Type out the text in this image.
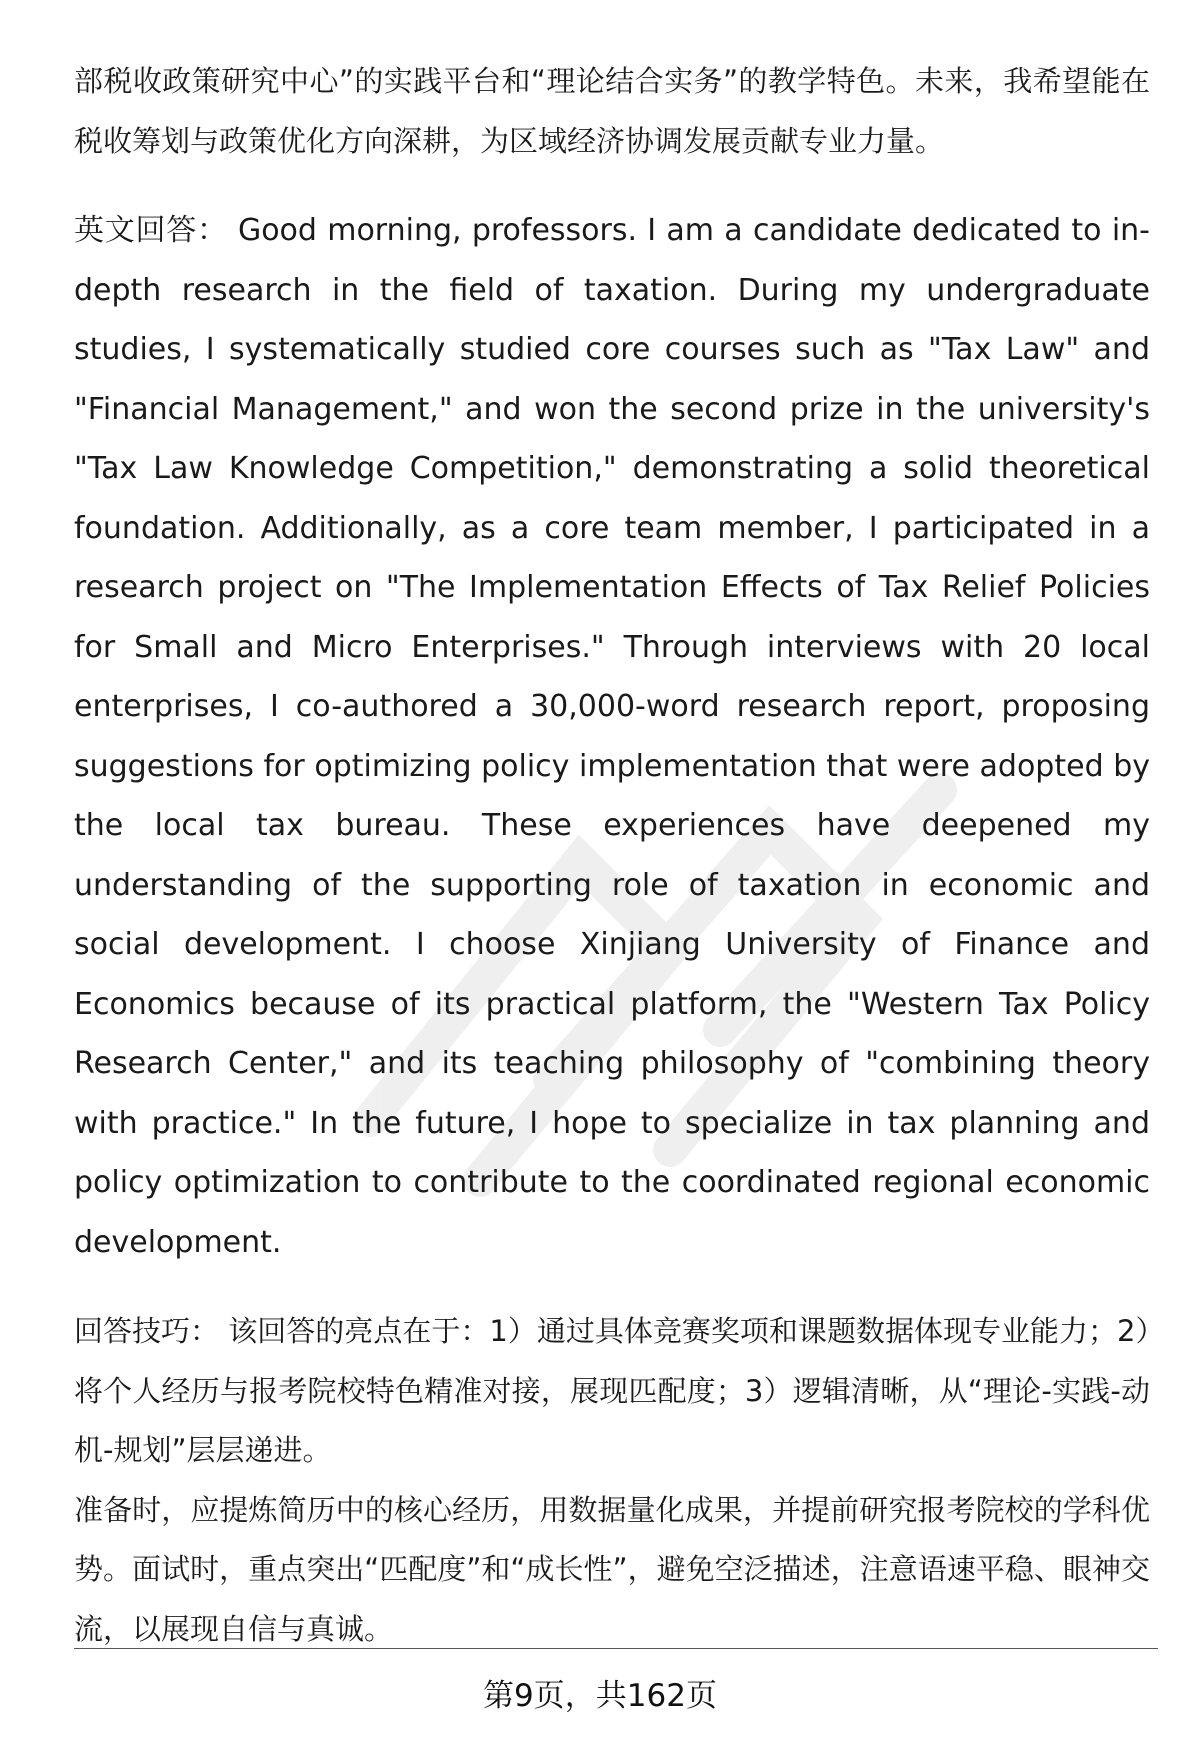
部税收政策研究中心”的实践平台和“理论结合实务”的教学特色。未来，我希望能在税收筹划与政策优化方向深耕，为区域经济协调发展贡献专业力量。

英文回答： Good morning, professors. I am a candidate dedicated to in-depth research in the field of taxation. During my undergraduate studies, I systematically studied core courses such as "Tax Law" and "Financial Management," and won the second prize in the university's "Tax Law Knowledge Competition," demonstrating a solid theoretical foundation. Additionally, as a core team member, I participated in a research project on "The Implementation Effects of Tax Relief Policies for Small and Micro Enterprises." Through interviews with 20 local enterprises, I co-authored a 30,000-word research report, proposing suggestions for optimizing policy implementation that were adopted by the local tax bureau. These experiences have deepened my understanding of the supporting role of taxation in economic and social development. I choose Xinjiang University of Finance and Economics because of its practical platform, the "Western Tax Policy Research Center," and its teaching philosophy of "combining theory with practice." In the future, I hope to specialize in tax planning and policy optimization to contribute to the coordinated regional economic development.

回答技巧： 该回答的亮点在于：1）通过具体竞赛奖项和课题数据体现专业能力；2）将个人经历与报考院校特色精准对接，展现匹配度；3）逻辑清晰，从“理论-实践-动机-规划”层层递进。

准备时，应提炼简历中的核心经历，用数据量化成果，并提前研究报考院校的学科优势。面试时，重点突出“匹配度”和“成长性”，避免空泛描述，注意语速平稳、眼神交流，以展现自信与真诚。

第9页，共162页
